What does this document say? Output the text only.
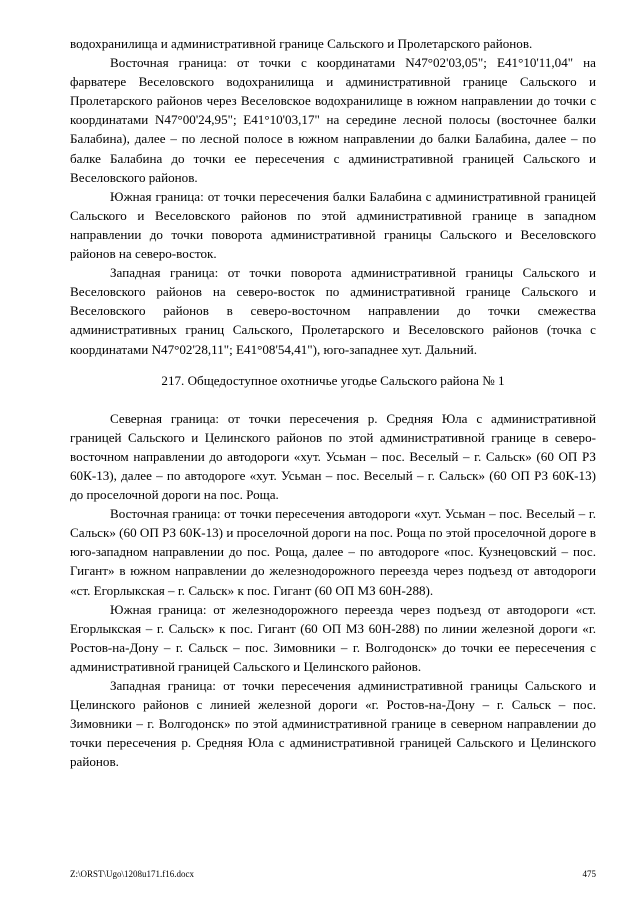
водохранилища и административной границе Сальского и Пролетарского районов.

Восточная граница: от точки с координатами N47°02'03,05"; E41°10'11,04" на фарватере Веселовского водохранилища и административной границе Сальского и Пролетарского районов через Веселовское водохранилище в южном направлении до точки с координатами N47°00'24,95"; E41°10'03,17" на середине лесной полосы (восточнее балки Балабина), далее – по лесной полосе в южном направлении до балки Балабина, далее – по балке Балабина до точки ее пересечения с административной границей Сальского и Веселовского районов.

Южная граница: от точки пересечения балки Балабина с административной границей Сальского и Веселовского районов по этой административной границе в западном направлении до точки поворота административной границы Сальского и Веселовского районов на северо-восток.

Западная граница: от точки поворота административной границы Сальского и Веселовского районов на северо-восток по административной границе Сальского и Веселовского районов в северо-восточном направлении до точки смежества административных границ Сальского, Пролетарского и Веселовского районов (точка с координатами N47°02'28,11"; E41°08'54,41"), юго-западнее хут. Дальний.

217. Общедоступное охотничье угодье Сальского района № 1

Северная граница: от точки пересечения р. Средняя Юла с административной границей Сальского и Целинского районов по этой административной границе в северо-восточном направлении до автодороги «хут. Усьман – пос. Веселый – г. Сальск» (60 ОП РЗ 60К-13), далее – по автодороге «хут. Усьман – пос. Веселый – г. Сальск» (60 ОП РЗ 60К-13) до проселочной дороги на пос. Роща.

Восточная граница: от точки пересечения автодороги «хут. Усьман – пос. Веселый – г. Сальск» (60 ОП РЗ 60К-13) и проселочной дороги на пос. Роща по этой проселочной дороге в юго-западном направлении до пос. Роща, далее – по автодороге «пос. Кузнецовский – пос. Гигант» в южном направлении до железнодорожного переезда через подъезд от автодороги «ст. Егорлыкская – г. Сальск» к пос. Гигант (60 ОП МЗ 60Н-288).

Южная граница: от железнодорожного переезда через подъезд от автодороги «ст. Егорлыкская – г. Сальск» к пос. Гигант (60 ОП МЗ 60Н-288) по линии железной дороги «г. Ростов-на-Дону – г. Сальск – пос. Зимовники – г. Волгодонск» до точки ее пересечения с административной границей Сальского и Целинского районов.

Западная граница: от точки пересечения административной границы Сальского и Целинского районов с линией железной дороги «г. Ростов-на-Дону – г. Сальск – пос. Зимовники – г. Волгодонск» по этой административной границе в северном направлении до точки пересечения р. Средняя Юла с административной границей Сальского и Целинского районов.

Z:\ORST\Ugo\1208u171.f16.docx	475
